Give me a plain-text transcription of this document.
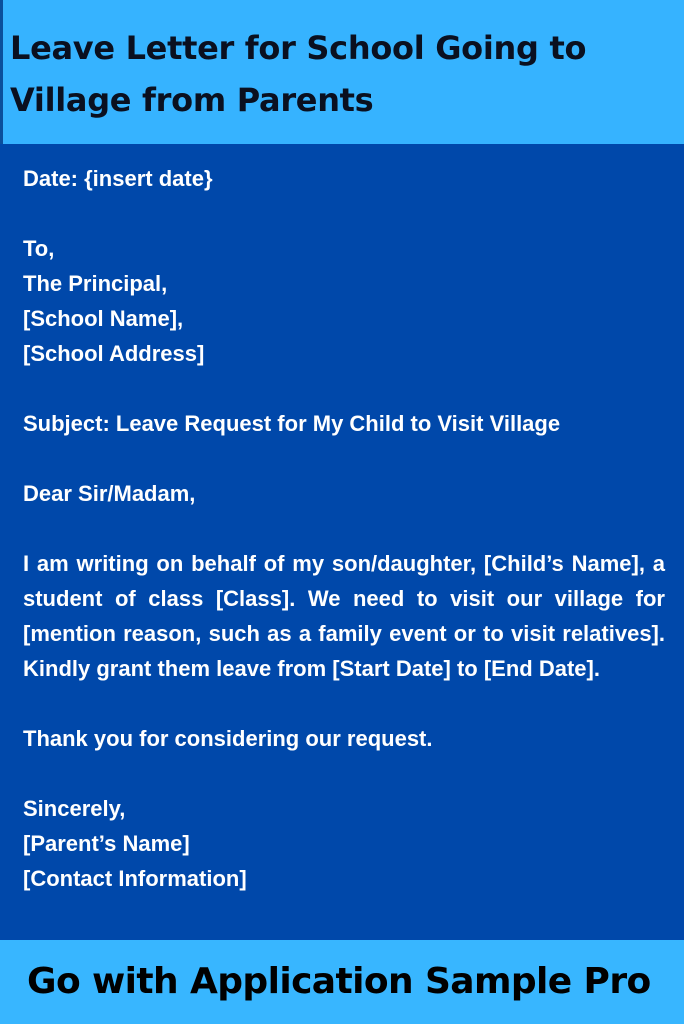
Leave Letter for School Going to Village from Parents
Date: {insert date}
To,
The Principal,
[School Name],
[School Address]
Subject: Leave Request for My Child to Visit Village
Dear Sir/Madam,
I am writing on behalf of my son/daughter, [Child’s Name], a student of class [Class]. We need to visit our village for [mention reason, such as a family event or to visit relatives]. Kindly grant them leave from [Start Date] to [End Date].
Thank you for considering our request.
Sincerely,
[Parent’s Name]
[Contact Information]

Go with Application Sample Pro
